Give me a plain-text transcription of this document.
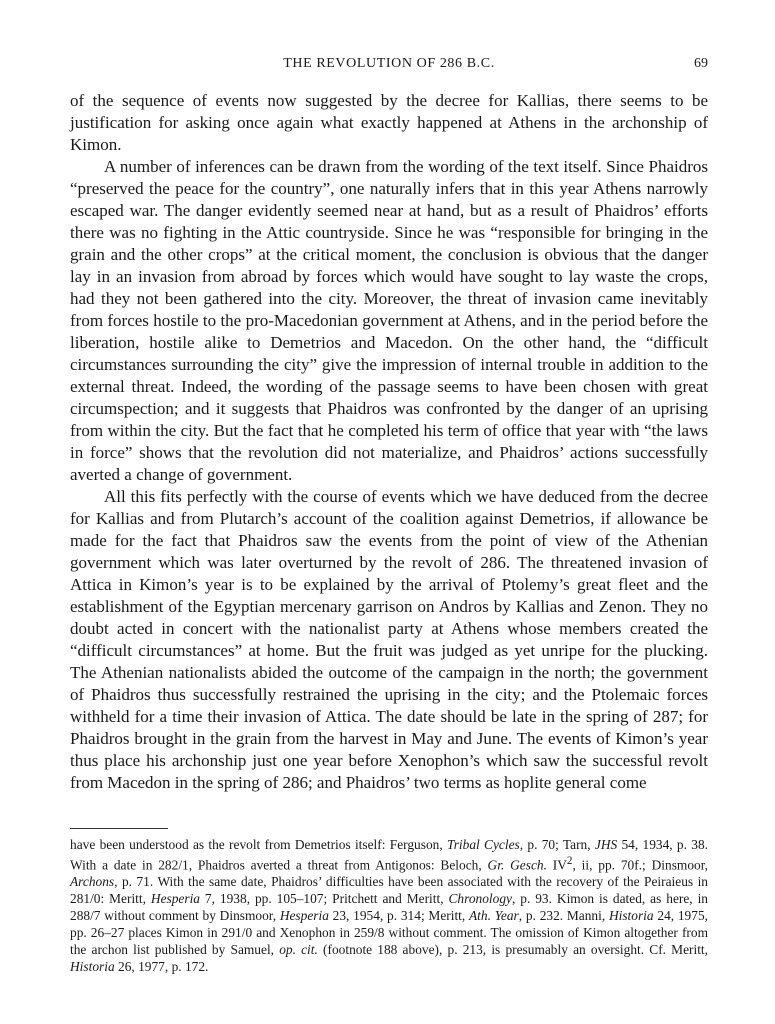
THE REVOLUTION OF 286 B.C.	69

of the sequence of events now suggested by the decree for Kallias, there seems to be justification for asking once again what exactly happened at Athens in the archonship of Kimon.

A number of inferences can be drawn from the wording of the text itself. Since Phaidros “preserved the peace for the country”, one naturally infers that in this year Athens narrowly escaped war. The danger evidently seemed near at hand, but as a result of Phaidros’ efforts there was no fighting in the Attic countryside. Since he was “responsible for bringing in the grain and the other crops” at the critical moment, the conclusion is obvious that the danger lay in an invasion from abroad by forces which would have sought to lay waste the crops, had they not been gathered into the city. Moreover, the threat of invasion came inevitably from forces hostile to the pro-Macedonian government at Athens, and in the period before the liberation, hostile alike to Demetrios and Macedon. On the other hand, the “difficult circumstances surrounding the city” give the impression of internal trouble in addition to the external threat. Indeed, the wording of the passage seems to have been chosen with great circumspection; and it suggests that Phaidros was confronted by the danger of an uprising from within the city. But the fact that he completed his term of office that year with “the laws in force” shows that the revolution did not materialize, and Phaidros’ actions successfully averted a change of government.

All this fits perfectly with the course of events which we have deduced from the decree for Kallias and from Plutarch’s account of the coalition against Demetrios, if allowance be made for the fact that Phaidros saw the events from the point of view of the Athenian government which was later overturned by the revolt of 286. The threatened invasion of Attica in Kimon’s year is to be explained by the arrival of Ptolemy’s great fleet and the establishment of the Egyptian mercenary garrison on Andros by Kallias and Zenon. They no doubt acted in concert with the nationalist party at Athens whose members created the “difficult circumstances” at home. But the fruit was judged as yet unripe for the plucking. The Athenian nationalists abided the outcome of the campaign in the north; the government of Phaidros thus successfully restrained the uprising in the city; and the Ptolemaic forces withheld for a time their invasion of Attica. The date should be late in the spring of 287; for Phaidros brought in the grain from the harvest in May and June. The events of Kimon’s year thus place his archonship just one year before Xenophon’s which saw the successful revolt from Macedon in the spring of 286; and Phaidros’ two terms as hoplite general come

have been understood as the revolt from Demetrios itself: Ferguson, Tribal Cycles, p. 70; Tarn, JHS 54, 1934, p. 38. With a date in 282/1, Phaidros averted a threat from Antigonos: Beloch, Gr. Gesch. $IV^2$, ii, pp. 70f.; Dinsmoor, Archons, p. 71. With the same date, Phaidros’ difficulties have been associated with the recovery of the Peiraieus in 281/0: Meritt, Hesperia 7, 1938, pp. 105–107; Pritchett and Meritt, Chronology, p. 93. Kimon is dated, as here, in 288/7 without comment by Dinsmoor, Hesperia 23, 1954, p. 314; Meritt, Ath. Year, p. 232. Manni, Historia 24, 1975, pp. 26–27 places Kimon in 291/0 and Xenophon in 259/8 without comment. The omission of Kimon altogether from the archon list published by Samuel, op. cit. (footnote 188 above), p. 213, is presumably an oversight. Cf. Meritt, Historia 26, 1977, p. 172.
